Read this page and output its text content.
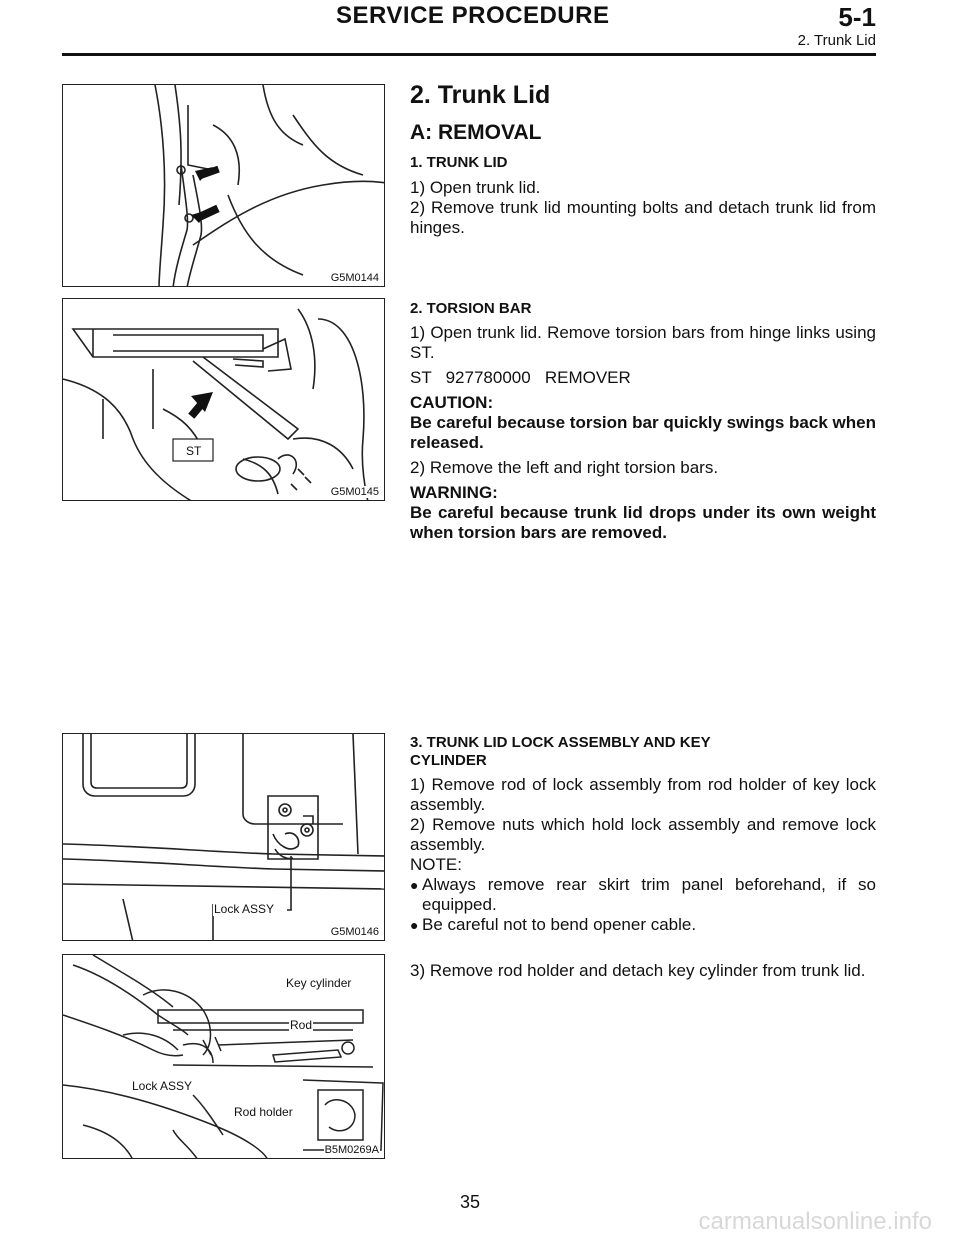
SERVICE PROCEDURE	5-1
2. Trunk Lid
G5M0144
ST
G5M0145
Lock ASSY
G5M0146
Key cylinder
Rod
Lock ASSY
Rod holder
B5M0269A
2. Trunk Lid
A: REMOVAL
1. TRUNK LID

1) Open trunk lid.

2) Remove trunk lid mounting bolts and detach trunk lid from hinges.

2. TORSION BAR

1) Open trunk lid. Remove torsion bars from hinge links using ST.

ST   927780000   REMOVER

CAUTION:

Be careful because torsion bar quickly swings back when released.

2) Remove the left and right torsion bars.

WARNING:

Be careful because trunk lid drops under its own weight when torsion bars are removed.

3. TRUNK LID LOCK ASSEMBLY AND KEY
CYLINDER

1) Remove rod of lock assembly from rod holder of key lock assembly.

2) Remove nuts which hold lock assembly and remove lock assembly.

NOTE:

● Always remove rear skirt trim panel beforehand, if so equipped.

● Be careful not to bend opener cable.

3) Remove rod holder and detach key cylinder from trunk lid.

35
carmanualsonline.info
